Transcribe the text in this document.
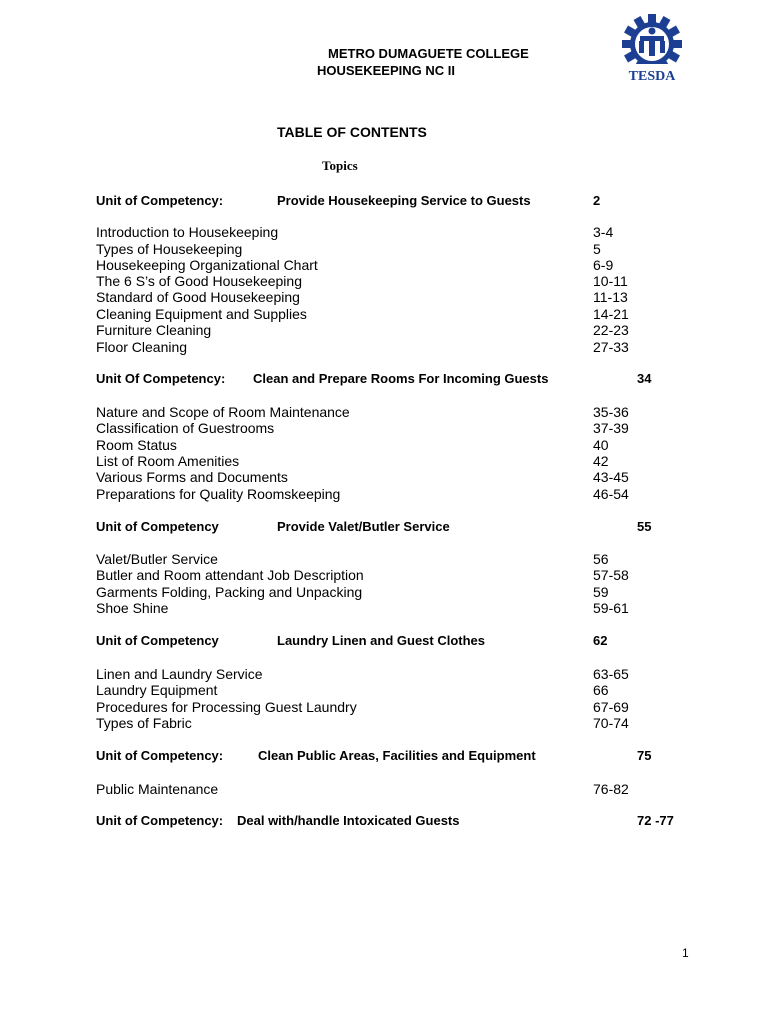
METRO DUMAGUETE COLLEGE
HOUSEKEEPING NC II	TESDA
TABLE OF CONTENTS
Topics
Unit of Competency:	Provide Housekeeping Service to Guests	2
Introduction to Housekeeping	3-4
Types of Housekeeping	5
Housekeeping Organizational Chart	6-9
The 6 S’s of Good Housekeeping	10-11
Standard of Good Housekeeping	11-13
Cleaning Equipment and Supplies	14-21
Furniture Cleaning	22-23
Floor Cleaning	27-33
Unit Of Competency: Clean and Prepare Rooms For Incoming Guests	34
Nature and Scope of Room Maintenance	35-36
Classification of Guestrooms	37-39
Room Status	40
List of Room Amenities	42
Various Forms and Documents	43-45
Preparations for Quality Roomskeeping	46-54
Unit of Competency	Provide Valet/Butler Service	55
Valet/Butler Service	56
Butler and Room attendant Job Description	57-58
Garments Folding, Packing and Unpacking	59
Shoe Shine	59-61
Unit of Competency	Laundry Linen and Guest Clothes	62
Linen and Laundry Service	63-65
Laundry Equipment	66
Procedures for Processing Guest Laundry	67-69
Types of Fabric	70-74
Unit of Competency:	Clean Public Areas, Facilities and Equipment	75
Public Maintenance	76-82
Unit of Competency: Deal with/handle Intoxicated Guests	72 -77
1
